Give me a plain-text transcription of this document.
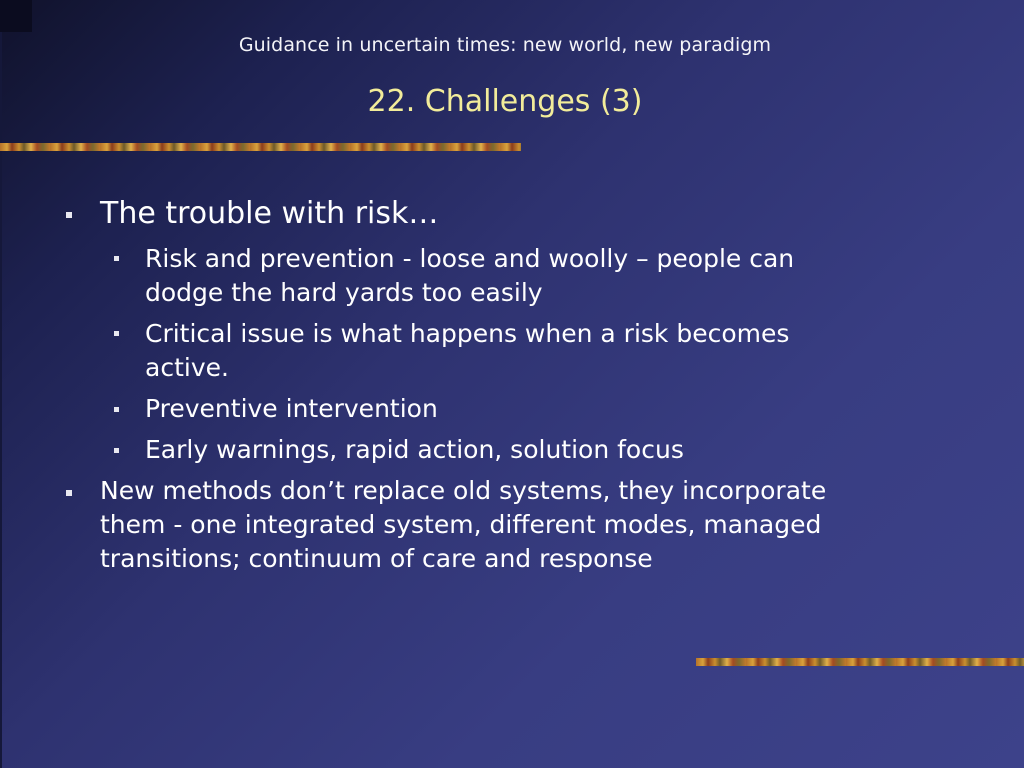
Guidance in uncertain times: new world, new paradigm
22. Challenges (3)
The trouble with risk…
Risk and prevention - loose and woolly – people can
dodge the hard yards too easily
Critical issue is what happens when a risk becomes
active.
Preventive intervention
Early warnings, rapid action, solution focus
New methods don’t replace old systems, they incorporate
them - one integrated system, different modes, managed
transitions; continuum of care and response
